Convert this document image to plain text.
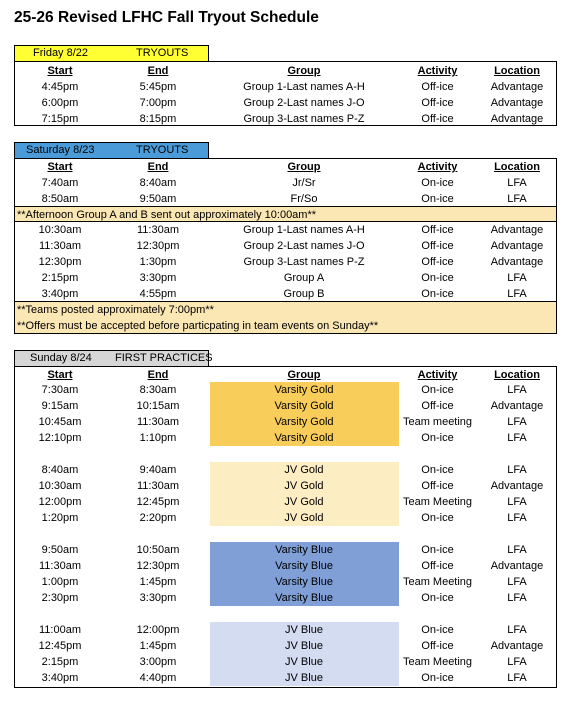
25-26 Revised LFHC Fall Tryout Schedule
Friday 8/22	TRYOUTS
Start	End	Group	Activity	Location
4:45pm	5:45pm	Group 1-Last names A-H	Off-ice	Advantage
6:00pm	7:00pm	Group 2-Last names J-O	Off-ice	Advantage
7:15pm	8:15pm	Group 3-Last names P-Z	Off-ice	Advantage
Saturday 8/23	TRYOUTS
Start	End	Group	Activity	Location
7:40am	8:40am	Jr/Sr	On-ice	LFA
8:50am	9:50am	Fr/So	On-ice	LFA
**Afternoon Group A and B sent out approximately 10:00am**
10:30am	11:30am	Group 1-Last names A-H	Off-ice	Advantage
11:30am	12:30pm	Group 2-Last names J-O	Off-ice	Advantage
12:30pm	1:30pm	Group 3-Last names P-Z	Off-ice	Advantage
2:15pm	3:30pm	Group A	On-ice	LFA
3:40pm	4:55pm	Group B	On-ice	LFA
**Teams posted approximately 7:00pm**
**Offers must be accepted before particpating in team events on Sunday**
Sunday 8/24 FIRST PRACTICES
Start	End	Group	Activity	Location
7:30am	8:30am	Varsity Gold	On-ice	LFA
9:15am	10:15am	Varsity Gold	Off-ice	Advantage
10:45am	11:30am	Varsity Gold	Team meeting	LFA
12:10pm	1:10pm	Varsity Gold	On-ice	LFA
8:40am	9:40am	JV Gold	On-ice	LFA
10:30am	11:30am	JV Gold	Off-ice	Advantage
12:00pm	12:45pm	JV Gold	Team Meeting	LFA
1:20pm	2:20pm	JV Gold	On-ice	LFA
9:50am	10:50am	Varsity Blue	On-ice	LFA
11:30am	12:30pm	Varsity Blue	Off-ice	Advantage
1:00pm	1:45pm	Varsity Blue	Team Meeting	LFA
2:30pm	3:30pm	Varsity Blue	On-ice	LFA
11:00am	12:00pm	JV Blue	On-ice	LFA
12:45pm	1:45pm	JV Blue	Off-ice	Advantage
2:15pm	3:00pm	JV Blue	Team Meeting	LFA
3:40pm	4:40pm	JV Blue	On-ice	LFA
